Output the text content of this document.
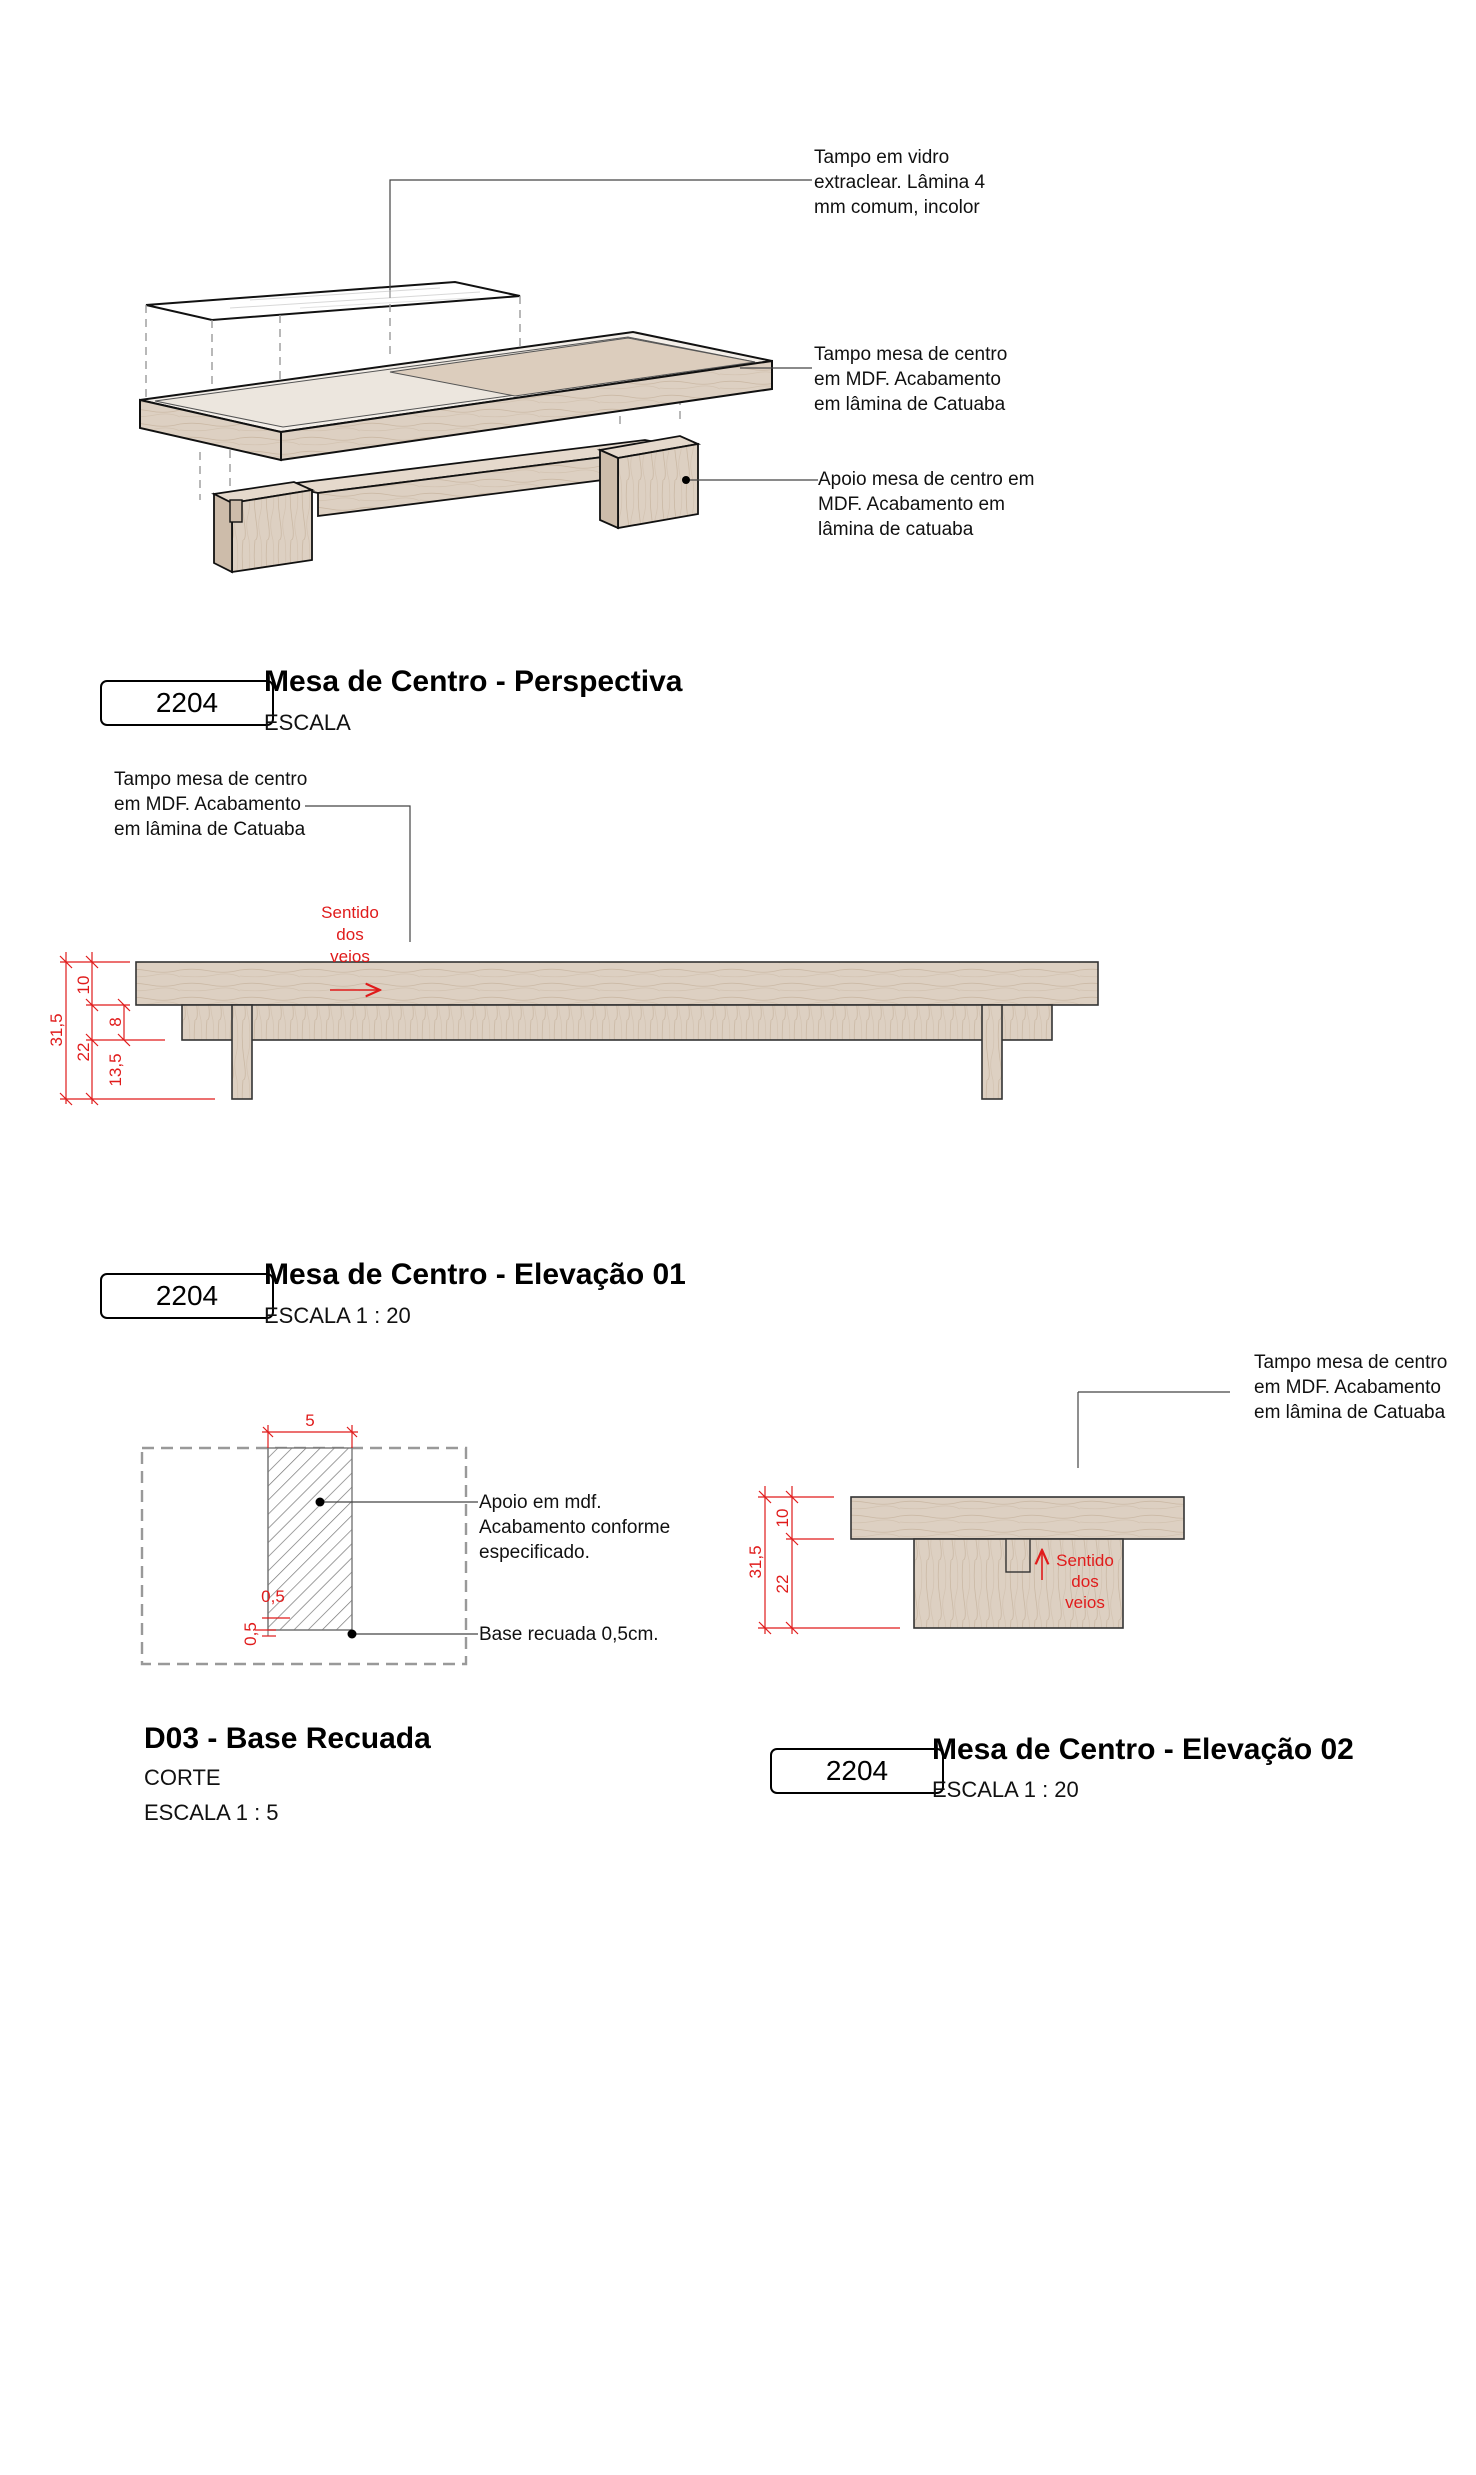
Sentido
dos
veios
10
31,5 8
22
13,5
5
0,5
0,5
Sentido
dos
veios
10
31,5
22
Tampo em vidro
extraclear. Lâmina 4
mm comum, incolor
Tampo mesa de centro
em MDF. Acabamento
em lâmina de Catuaba
Apoio mesa de centro em
MDF. Acabamento em
lâmina de catuaba
2204
Mesa de Centro - Perspectiva
ESCALA
Tampo mesa de centro
em MDF. Acabamento
em lâmina de Catuaba
2204
Mesa de Centro - Elevação 01
ESCALA 1 : 20
Apoio em mdf.
Acabamento conforme
especificado.
Base recuada 0,5cm.
D03 - Base Recuada
CORTE
ESCALA 1 : 5
Tampo mesa de centro
em MDF. Acabamento
em lâmina de Catuaba
2204
Mesa de Centro - Elevação 02
ESCALA 1 : 20
